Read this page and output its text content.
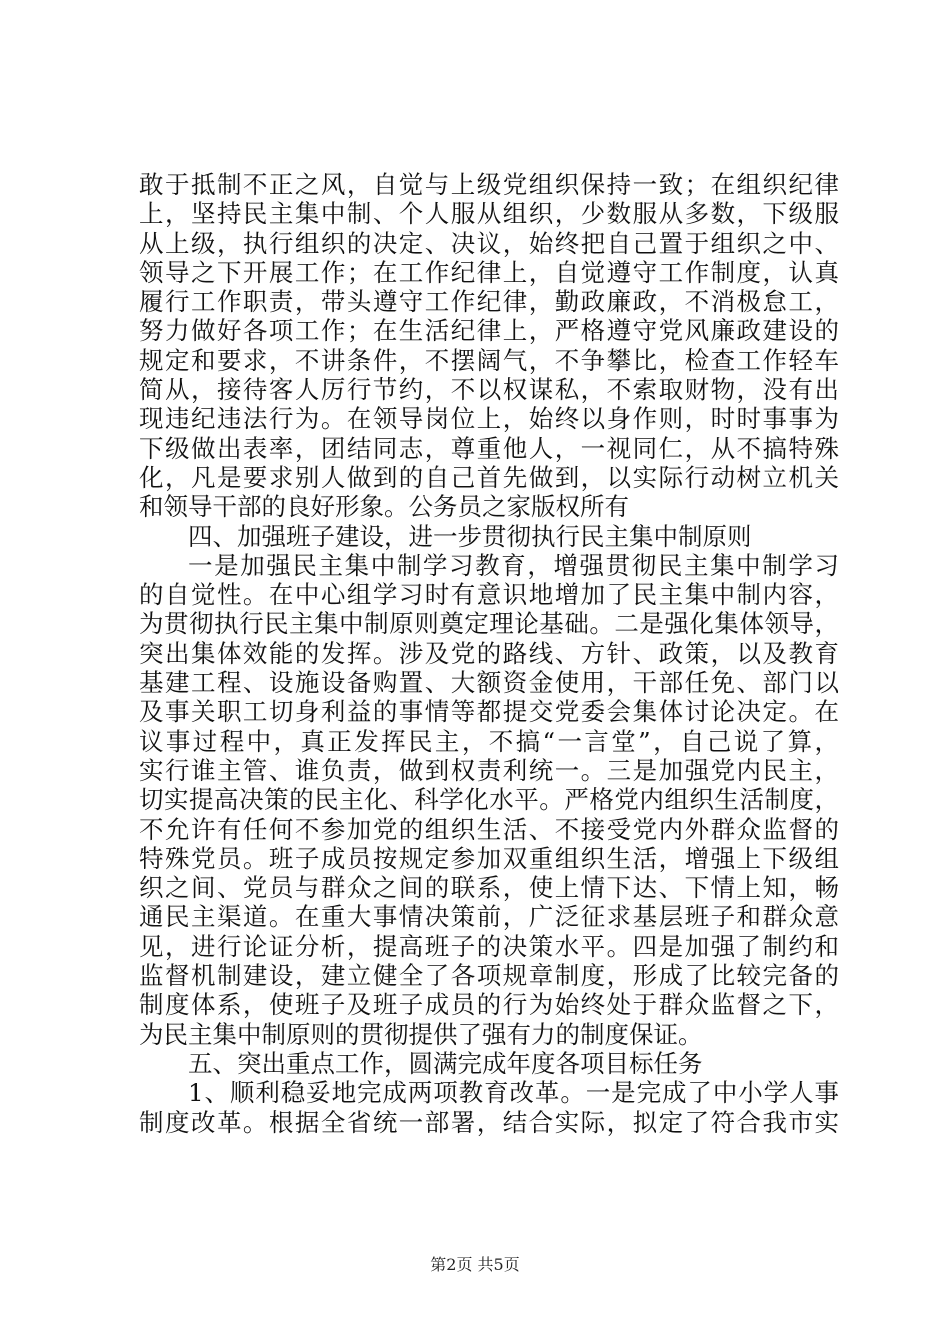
敢于抵制不正之风，自觉与上级党组织保持一致；在组织纪律
上，坚持民主集中制、个人服从组织，少数服从多数，下级服
从上级，执行组织的决定、决议，始终把自己置于组织之中、
领导之下开展工作；在工作纪律上，自觉遵守工作制度，认真
履行工作职责，带头遵守工作纪律，勤政廉政，不消极怠工，
努力做好各项工作；在生活纪律上，严格遵守党风廉政建设的
规定和要求，不讲条件，不摆阔气，不争攀比，检查工作轻车
简从，接待客人厉行节约，不以权谋私，不索取财物，没有出
现违纪违法行为。在领导岗位上，始终以身作则，时时事事为
下级做出表率，团结同志，尊重他人，一视同仁，从不搞特殊
化，凡是要求别人做到的自己首先做到，以实际行动树立机关
和领导干部的良好形象。公务员之家版权所有
四、加强班子建设，进一步贯彻执行民主集中制原则
一是加强民主集中制学习教育，增强贯彻民主集中制学习
的自觉性。在中心组学习时有意识地增加了民主集中制内容，
为贯彻执行民主集中制原则奠定理论基础。二是强化集体领导，
突出集体效能的发挥。涉及党的路线、方针、政策，以及教育
基建工程、设施设备购置、大额资金使用，干部任免、部门以
及事关职工切身利益的事情等都提交党委会集体讨论决定。在
议事过程中，真正发挥民主，不搞“一言堂”，自己说了算，
实行谁主管、谁负责，做到权责利统一。三是加强党内民主，
切实提高决策的民主化、科学化水平。严格党内组织生活制度，
不允许有任何不参加党的组织生活、不接受党内外群众监督的
特殊党员。班子成员按规定参加双重组织生活，增强上下级组
织之间、党员与群众之间的联系，使上情下达、下情上知，畅
通民主渠道。在重大事情决策前，广泛征求基层班子和群众意
见，进行论证分析，提高班子的决策水平。四是加强了制约和
监督机制建设，建立健全了各项规章制度，形成了比较完备的
制度体系，使班子及班子成员的行为始终处于群众监督之下，
为民主集中制原则的贯彻提供了强有力的制度保证。
五、突出重点工作，圆满完成年度各项目标任务
1、顺利稳妥地完成两项教育改革。一是完成了中小学人事
制度改革。根据全省统一部署，结合实际，拟定了符合我市实
第2页 共5页
